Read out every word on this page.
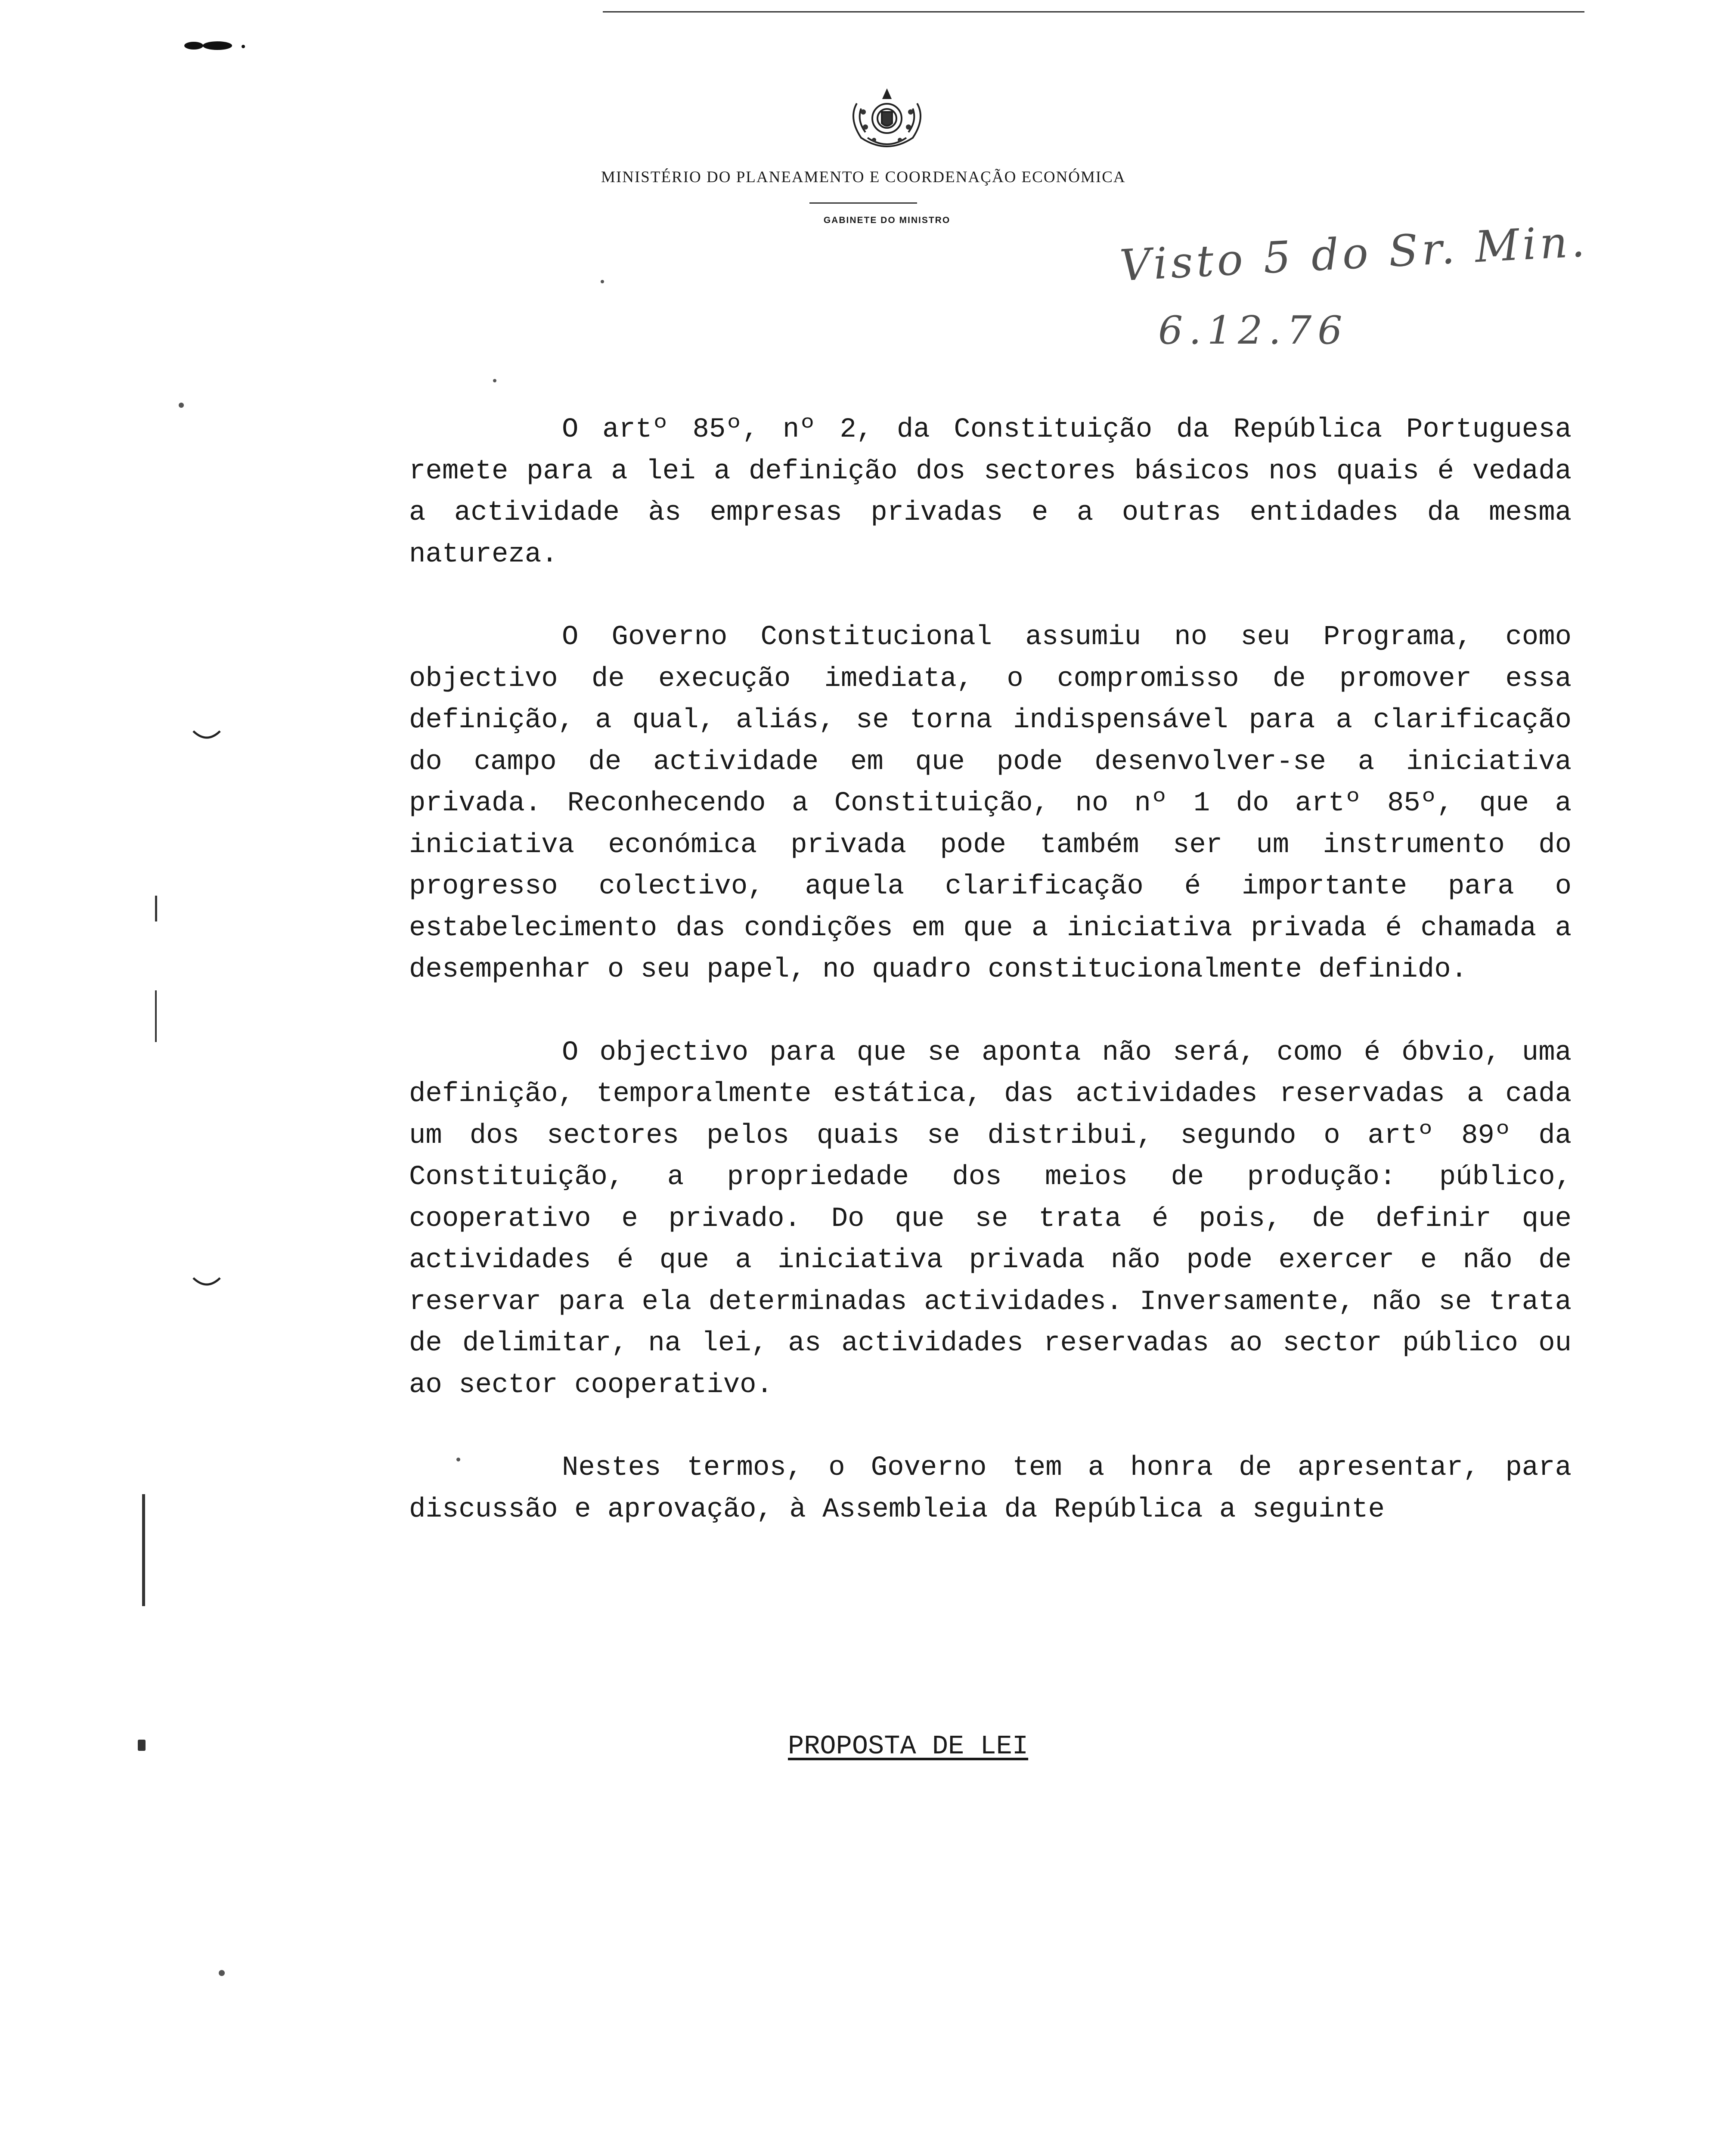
MINISTÉRIO DO PLANEAMENTO E COORDENAÇÃO ECONÓMICA
GABINETE DO MINISTRO	Visto 5 do Sr. Min.
6.12.76

O artº 85º, nº 2, da Constituição da República Portuguesa remete para a lei a definição dos sectores básicos nos quais é vedada a actividade às empresas privadas e a outras entidades da mesma natureza.

O Governo Constitucional assumiu no seu Programa, como objectivo de execução imediata, o compromisso de promover essa definição, a qual, aliás, se torna indispensável para a clarificação do campo de actividade em que pode desenvolver-se a iniciativa privada. Reconhecendo a Constituição, no nº 1 do artº 85º, que a iniciativa económica privada pode também ser um instrumento do progresso colectivo, aquela clarificação é importante para o estabelecimento das condições em que a iniciativa privada é chamada a desempenhar o seu papel, no quadro constitucionalmente definido.

O objectivo para que se aponta não será, como é óbvio, uma definição, temporalmente estática, das actividades reservadas a cada um dos sectores pelos quais se distribui, segundo o artº 89º da Constituição, a propriedade dos meios de produção: público, cooperativo e privado. Do que se trata é pois, de definir que actividades é que a iniciativa privada não pode exercer e não de reservar para ela determinadas actividades. Inversamente, não se trata de delimitar, na lei, as actividades reservadas ao sector público ou ao sector cooperativo.

Nestes termos, o Governo tem a honra de apresentar, para discussão e aprovação, à Assembleia da República a seguinte

PROPOSTA DE LEI
